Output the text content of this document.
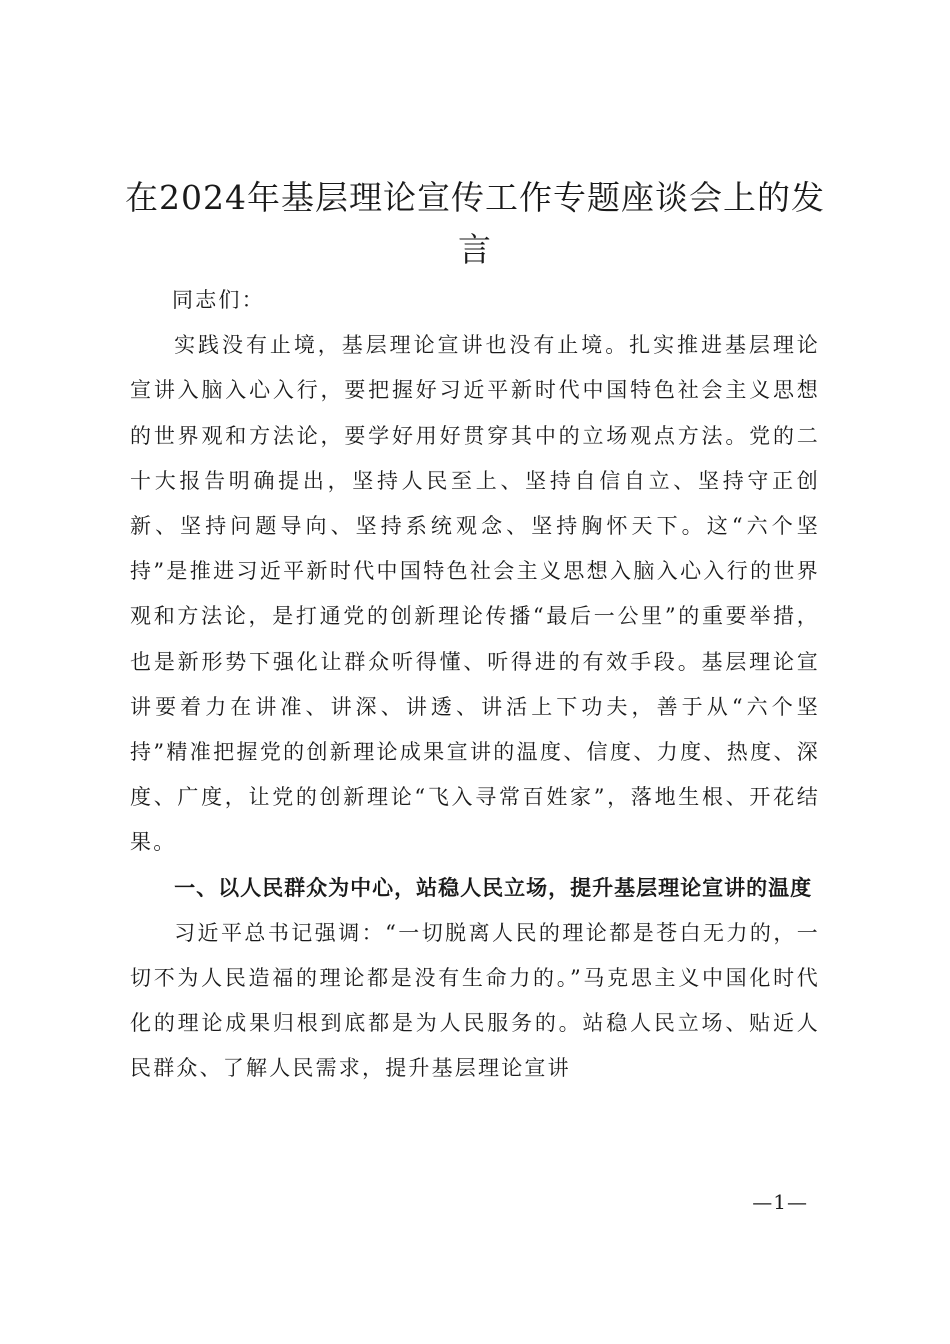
在2024年基层理论宣传工作专题座谈会上的发言

同志们：

实践没有止境，基层理论宣讲也没有止境。扎实推进基层理论宣讲入脑入心入行，要把握好习近平新时代中国特色社会主义思想的世界观和方法论，要学好用好贯穿其中的立场观点方法。党的二十大报告明确提出，坚持人民至上、坚持自信自立、坚持守正创新、坚持问题导向、坚持系统观念、坚持胸怀天下。这“六个坚持”是推进习近平新时代中国特色社会主义思想入脑入心入行的世界观和方法论，是打通党的创新理论传播“最后一公里”的重要举措，也是新形势下强化让群众听得懂、听得进的有效手段。基层理论宣讲要着力在讲准、讲深、讲透、讲活上下功夫，善于从“六个坚持”精准把握党的创新理论成果宣讲的温度、信度、力度、热度、深度、广度，让党的创新理论“飞入寻常百姓家”，落地生根、开花结果。

一、以人民群众为中心，站稳人民立场，提升基层理论宣讲的温度

习近平总书记强调：“一切脱离人民的理论都是苍白无力的，一切不为人民造福的理论都是没有生命力的。”马克思主义中国化时代化的理论成果归根到底都是为人民服务的。站稳人民立场、贴近人民群众、了解人民需求，提升基层理论宣讲

—1—
